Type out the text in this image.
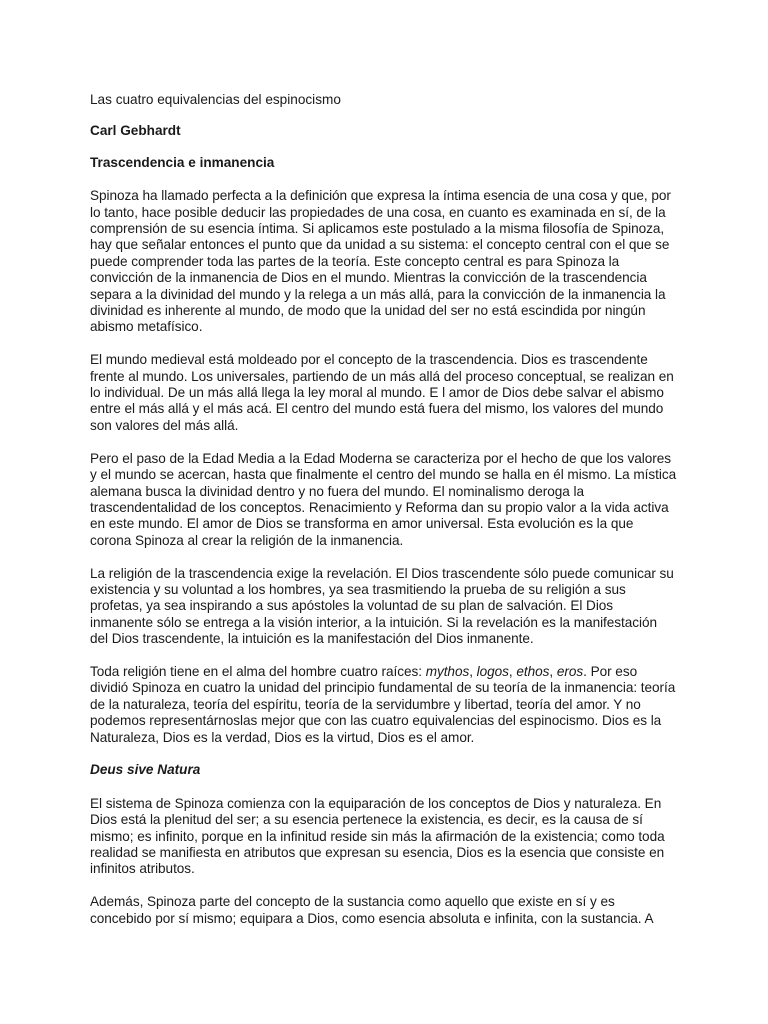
Las cuatro equivalencias del espinocismo

Carl Gebhardt

Trascendencia e inmanencia

Spinoza ha llamado perfecta a la definición que expresa la íntima esencia de una cosa y que, por lo tanto, hace posible deducir las propiedades de una cosa, en cuanto es examinada en sí, de la comprensión de su esencia íntima. Si aplicamos este postulado a la misma filosofía de Spinoza, hay que señalar entonces el punto que da unidad a su sistema: el concepto central con el que se puede comprender toda las partes de la teoría. Este concepto central es para Spinoza la convicción de la inmanencia de Dios en el mundo. Mientras la convicción de la trascendencia separa a la divinidad del mundo y la relega a un más allá, para la convicción de la inmanencia la divinidad es inherente al mundo, de modo que la unidad del ser no está escindida por ningún abismo metafísico.

El mundo medieval está moldeado por el concepto de la trascendencia. Dios es trascendente frente al mundo. Los universales, partiendo de un más allá del proceso conceptual, se realizan en lo individual. De un más allá llega la ley moral al mundo. E l amor de Dios debe salvar el abismo entre el más allá y el más acá. El centro del mundo está fuera del mismo, los valores del mundo son valores del más allá.

Pero el paso de la Edad Media a la Edad Moderna se caracteriza por el hecho de que los valores y el mundo se acercan, hasta que finalmente el centro del mundo se halla en él mismo. La mística alemana busca la divinidad dentro y no fuera del mundo. El nominalismo deroga la trascendentalidad de los conceptos. Renacimiento y Reforma dan su propio valor a la vida activa en este mundo. El amor de Dios se transforma en amor universal. Esta evolución es la que corona Spinoza al crear la religión de la inmanencia.

La religión de la trascendencia exige la revelación. El Dios trascendente sólo puede comunicar su existencia y su voluntad a los hombres, ya sea trasmitiendo la prueba de su religión a sus profetas, ya sea inspirando a sus apóstoles la voluntad de su plan de salvación. El Dios inmanente sólo se entrega a la visión interior, a la intuición. Si la revelación es la manifestación del Dios trascendente, la intuición es la manifestación del Dios inmanente.

Toda religión tiene en el alma del hombre cuatro raíces: mythos, logos, ethos, eros. Por eso dividió Spinoza en cuatro la unidad del principio fundamental de su teoría de la inmanencia: teoría de la naturaleza, teoría del espíritu, teoría de la servidumbre y libertad, teoría del amor. Y no podemos representárnoslas mejor que con las cuatro equivalencias del espinocismo. Dios es la Naturaleza, Dios es la verdad, Dios es la virtud, Dios es el amor.

Deus sive Natura

El sistema de Spinoza comienza con la equiparación de los conceptos de Dios y naturaleza. En Dios está la plenitud del ser; a su esencia pertenece la existencia, es decir, es la causa de sí mismo; es infinito, porque en la infinitud reside sin más la afirmación de la existencia; como toda realidad se manifiesta en atributos que expresan su esencia, Dios es la esencia que consiste en infinitos atributos.

Además, Spinoza parte del concepto de la sustancia como aquello que existe en sí y es concebido por sí mismo; equipara a Dios, como esencia absoluta e infinita, con la sustancia. A
